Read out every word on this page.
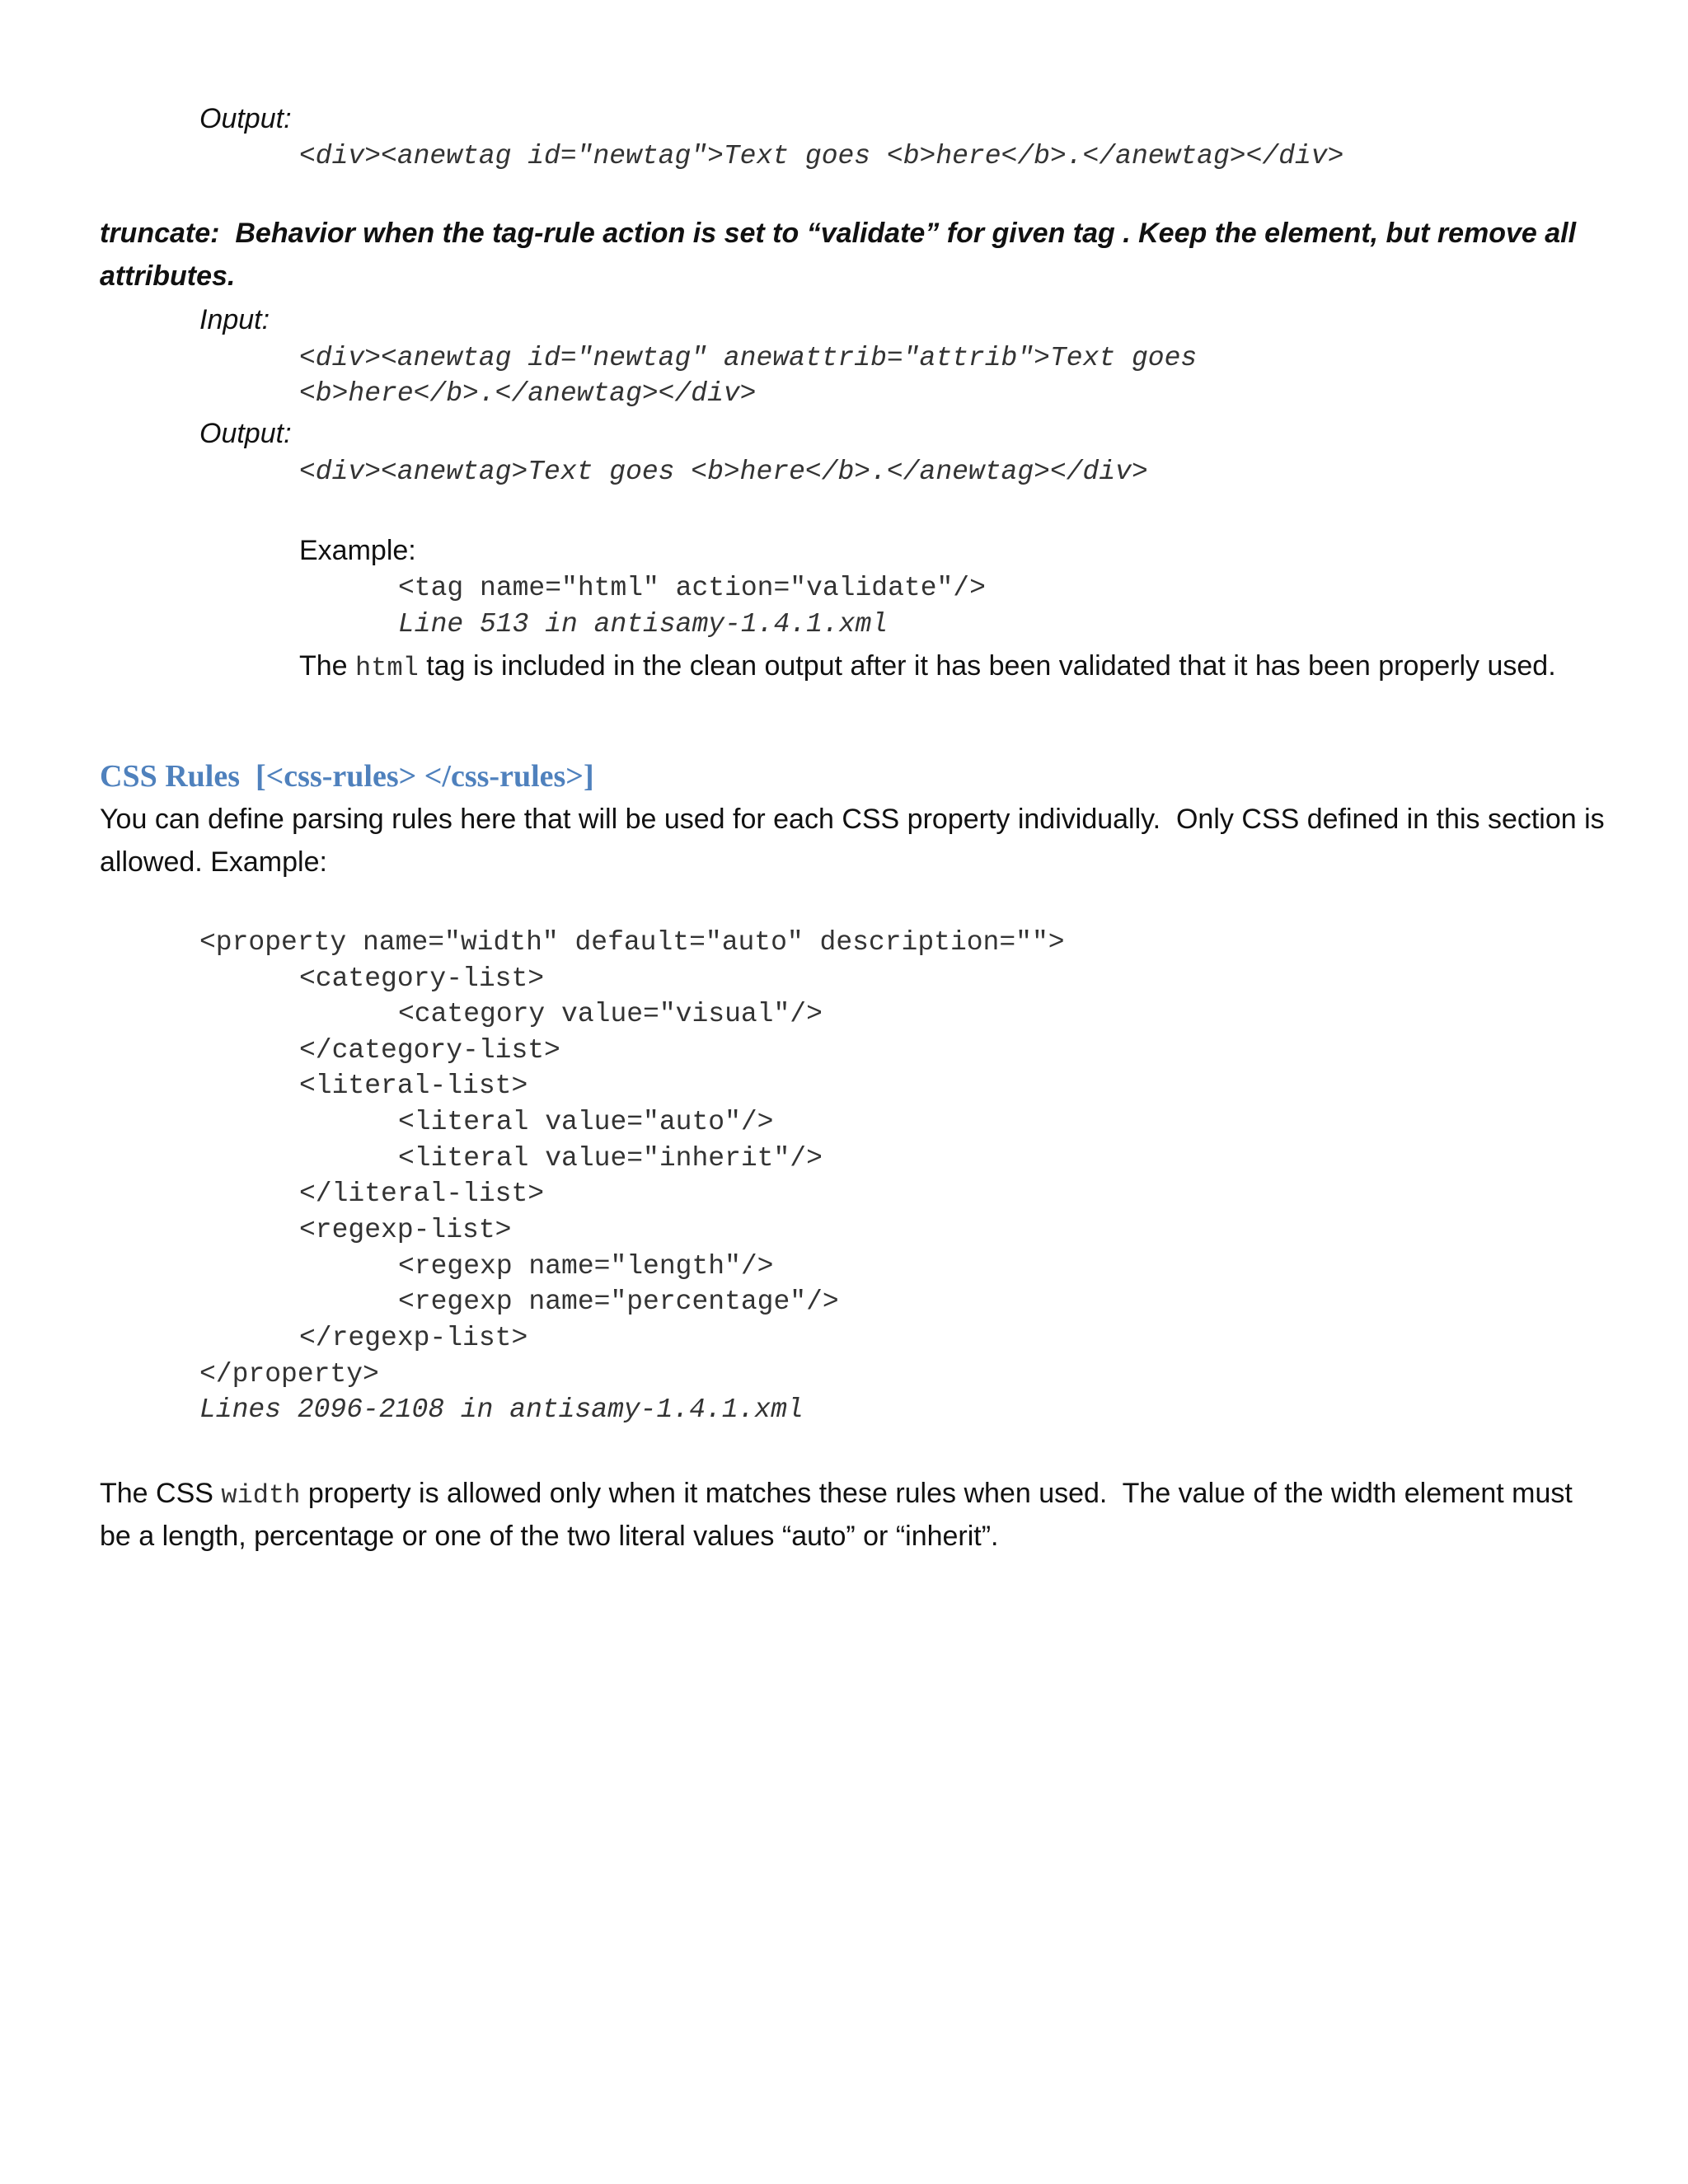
Output:

<div><anewtag id="newtag">Text goes <b>here</b>.</anewtag></div>

truncate:  Behavior when the tag-rule action is set to “validate” for given tag . Keep the element, but remove all

attributes.

Input:

<div><anewtag id="newtag" anewattrib="attrib">Text goes

<b>here</b>.</anewtag></div>

Output:

<div><anewtag>Text goes <b>here</b>.</anewtag></div>

Example:

<tag name="html" action="validate"/>

Line 513 in antisamy-1.4.1.xml

The html tag is included in the clean output after it has been validated that it has been properly used.

CSS Rules  [<css-rules> </css-rules>]

You can define parsing rules here that will be used for each CSS property individually.  Only CSS defined in this section is

allowed. Example:

<property name="width" default="auto" description="">

<category-list>

<category value="visual"/>

</category-list>

<literal-list>

<literal value="auto"/>

<literal value="inherit"/>

</literal-list>

<regexp-list>

<regexp name="length"/>

<regexp name="percentage"/>

</regexp-list>

</property>

Lines 2096-2108 in antisamy-1.4.1.xml

The CSS width property is allowed only when it matches these rules when used.  The value of the width element must

be a length, percentage or one of the two literal values “auto” or “inherit”.
